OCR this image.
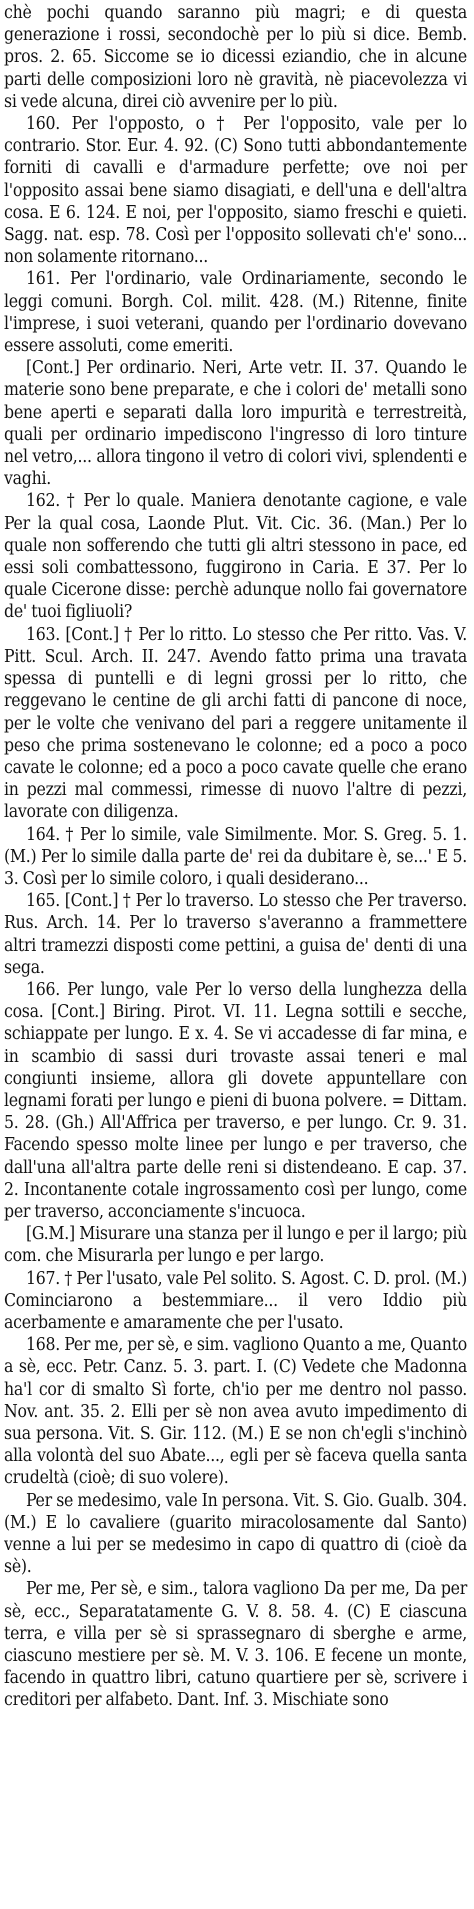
chè pochi quando saranno più magri; e di questa generazione i rossi, secondochè per lo più si dice. Bemb. pros. 2. 65. Siccome se io dicessi eziandio, che in alcune parti delle composizioni loro nè gravità, nè piacevolezza vi si vede alcuna, direi ciò avvenire per lo più.

160. Per l'opposto, o † Per l'opposito, vale per lo contrario. Stor. Eur. 4. 92. (C) Sono tutti abbondantemente forniti di cavalli e d'armadure perfette; ove noi per l'opposito assai bene siamo disagiati, e dell'una e dell'altra cosa. E 6. 124. E noi, per l'opposito, siamo freschi e quieti. Sagg. nat. esp. 78. Così per l'opposito sollevati ch'e' sono... non solamente ritornano...

161. Per l'ordinario, vale Ordinariamente, secondo le leggi comuni. Borgh. Col. milit. 428. (M.) Ritenne, finite l'imprese, i suoi veterani, quando per l'ordinario dovevano essere assoluti, come emeriti.

[Cont.] Per ordinario. Neri, Arte vetr. II. 37. Quando le materie sono bene preparate, e che i colori de' metalli sono bene aperti e separati dalla loro impurità e terrestreità, quali per ordinario impediscono l'ingresso di loro tinture nel vetro,... allora tingono il vetro di colori vivi, splendenti e vaghi.

162. † Per lo quale. Maniera denotante cagione, e vale Per la qual cosa, Laonde Plut. Vit. Cic. 36. (Man.) Per lo quale non sofferendo che tutti gli altri stessono in pace, ed essi soli combattessono, fuggirono in Caria. E 37. Per lo quale Cicerone disse: perchè adunque nollo fai governatore de' tuoi figliuoli?

163. [Cont.] † Per lo ritto. Lo stesso che Per ritto. Vas. V. Pitt. Scul. Arch. II. 247. Avendo fatto prima una travata spessa di puntelli e di legni grossi per lo ritto, che reggevano le centine de gli archi fatti di pancone di noce, per le volte che venivano del pari a reggere unitamente il peso che prima sostenevano le colonne; ed a poco a poco cavate le colonne; ed a poco a poco cavate quelle che erano in pezzi mal commessi, rimesse di nuovo l'altre di pezzi, lavorate con diligenza.

164. † Per lo simile, vale Similmente. Mor. S. Greg. 5. 1. (M.) Per lo simile dalla parte de' rei da dubitare è, se...' E 5. 3. Così per lo simile coloro, i quali desiderano...

165. [Cont.] † Per lo traverso. Lo stesso che Per traverso. Rus. Arch. 14. Per lo traverso s'averanno a frammettere altri tramezzi disposti come pettini, a guisa de' denti di una sega.

166. Per lungo, vale Per lo verso della lunghezza della cosa. [Cont.] Biring. Pirot. VI. 11. Legna sottili e secche, schiappate per lungo. E x. 4. Se vi accadesse di far mina, e in scambio di sassi duri trovaste assai teneri e mal congiunti insieme, allora gli dovete appuntellare con legnami forati per lungo e pieni di buona polvere. = Dittam. 5. 28. (Gh.) All'Affrica per traverso, e per lungo. Cr. 9. 31. Facendo spesso molte linee per lungo e per traverso, che dall'una all'altra parte delle reni si distendeano. E cap. 37. 2. Incontanente cotale ingrossamento così per lungo, come per traverso, acconciamente s'incuoca.

[G.M.] Misurare una stanza per il lungo e per il largo; più com. che Misurarla per lungo e per largo.

167. † Per l'usato, vale Pel solito. S. Agost. C. D. prol. (M.) Cominciarono a bestemmiare... il vero Iddio più acerbamente e amaramente che per l'usato.

168. Per me, per sè, e sim. vagliono Quanto a me, Quanto a sè, ecc. Petr. Canz. 5. 3. part. I. (C) Vedete che Madonna ha'l cor di smalto Sì forte, ch'io per me dentro nol passo. Nov. ant. 35. 2. Elli per sè non avea avuto impedimento di sua persona. Vit. S. Gir. 112. (M.) E se non ch'egli s'inchinò alla volontà del suo Abate..., egli per sè faceva quella santa crudeltà (cioè; di suo volere).

Per se medesimo, vale In persona. Vit. S. Gio. Gualb. 304. (M.) E lo cavaliere (guarito miracolosamente dal Santo) venne a lui per se medesimo in capo di quattro di (cioè da sè).

Per me, Per sè, e sim., talora vagliono Da per me, Da per sè, ecc., Separatatamente G. V. 8. 58. 4. (C) E ciascuna terra, e villa per sè si sprassegnaro di sberghe e arme, ciascuno mestiere per sè. M. V. 3. 106. E fecene un monte, facendo in quattro libri, catuno quartiere per sè, scrivere i creditori per alfabeto. Dant. Inf. 3. Mischiate sono
